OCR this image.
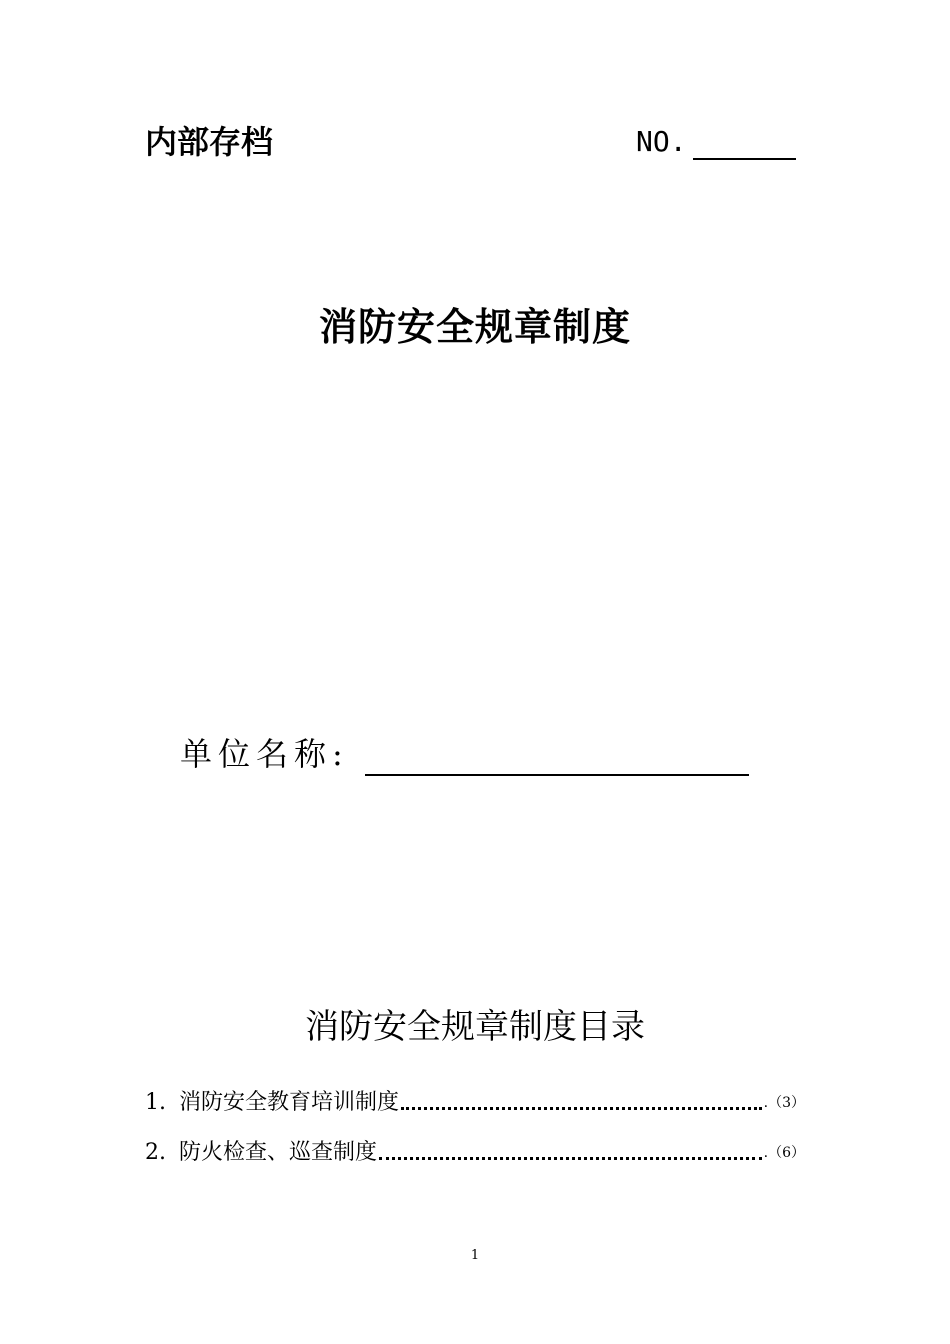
内部存档	NO.
消防安全规章制度
单位名称:
消防安全规章制度目录
1. 消防安全教育培训制度	.（3）
2. 防火检查、巡查制度	.（6）
1
